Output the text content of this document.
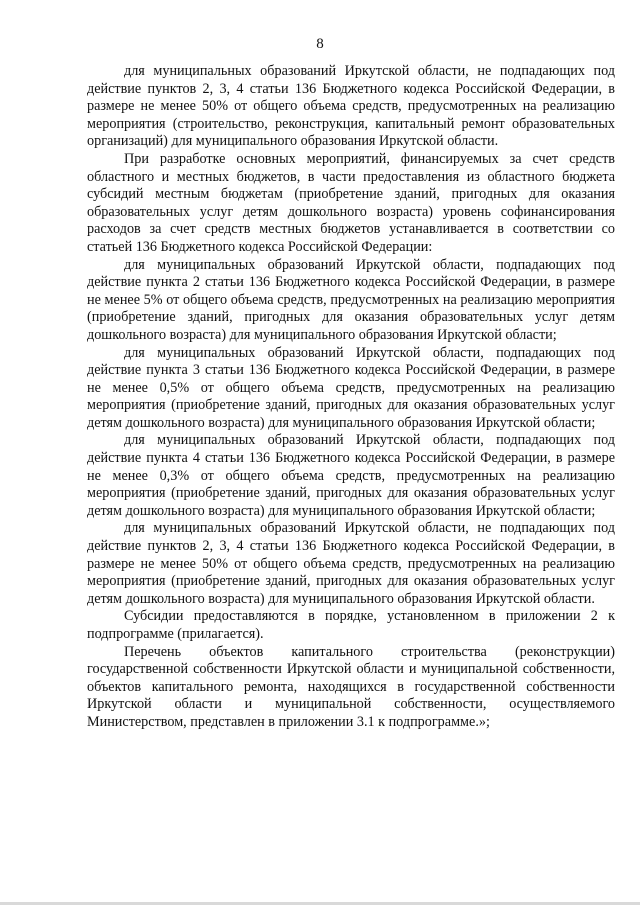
8

для муниципальных образований Иркутской области, не подпадающих под действие пунктов 2, 3, 4 статьи 136 Бюджетного кодекса Российской Федерации, в размере не менее 50% от общего объема средств, предусмотренных на реализацию мероприятия (строительство, реконструкция, капитальный ремонт образовательных организаций) для муниципального образования Иркутской области.

При разработке основных мероприятий, финансируемых за счет средств областного и местных бюджетов, в части предоставления из областного бюджета субсидий местным бюджетам (приобретение зданий, пригодных для оказания образовательных услуг детям дошкольного возраста) уровень софинансирования расходов за счет средств местных бюджетов устанавливается в соответствии со статьей 136 Бюджетного кодекса Российской Федерации:

для муниципальных образований Иркутской области, подпадающих под действие пункта 2 статьи 136 Бюджетного кодекса Российской Федерации, в размере не менее 5% от общего объема средств, предусмотренных на реализацию мероприятия (приобретение зданий, пригодных для оказания образовательных услуг детям дошкольного возраста) для муниципального образования Иркутской области;

для муниципальных образований Иркутской области, подпадающих под действие пункта 3 статьи 136 Бюджетного кодекса Российской Федерации, в размере не менее 0,5% от общего объема средств, предусмотренных на реализацию мероприятия (приобретение зданий, пригодных для оказания образовательных услуг детям дошкольного возраста) для муниципального образования Иркутской области;

для муниципальных образований Иркутской области, подпадающих под действие пункта 4 статьи 136 Бюджетного кодекса Российской Федерации, в размере не менее 0,3% от общего объема средств, предусмотренных на реализацию мероприятия (приобретение зданий, пригодных для оказания образовательных услуг детям дошкольного возраста) для муниципального образования Иркутской области;

для муниципальных образований Иркутской области, не подпадающих под действие пунктов 2, 3, 4 статьи 136 Бюджетного кодекса Российской Федерации, в размере не менее 50% от общего объема средств, предусмотренных на реализацию мероприятия (приобретение зданий, пригодных для оказания образовательных услуг детям дошкольного возраста) для муниципального образования Иркутской области.

Субсидии предоставляются в порядке, установленном в приложении 2 к подпрограмме (прилагается).

Перечень объектов капитального строительства (реконструкции) государственной собственности Иркутской области и муниципальной собственности, объектов капитального ремонта, находящихся в государственной собственности Иркутской области и муниципальной собственности, осуществляемого Министерством, представлен в приложении 3.1 к подпрограмме.»;
